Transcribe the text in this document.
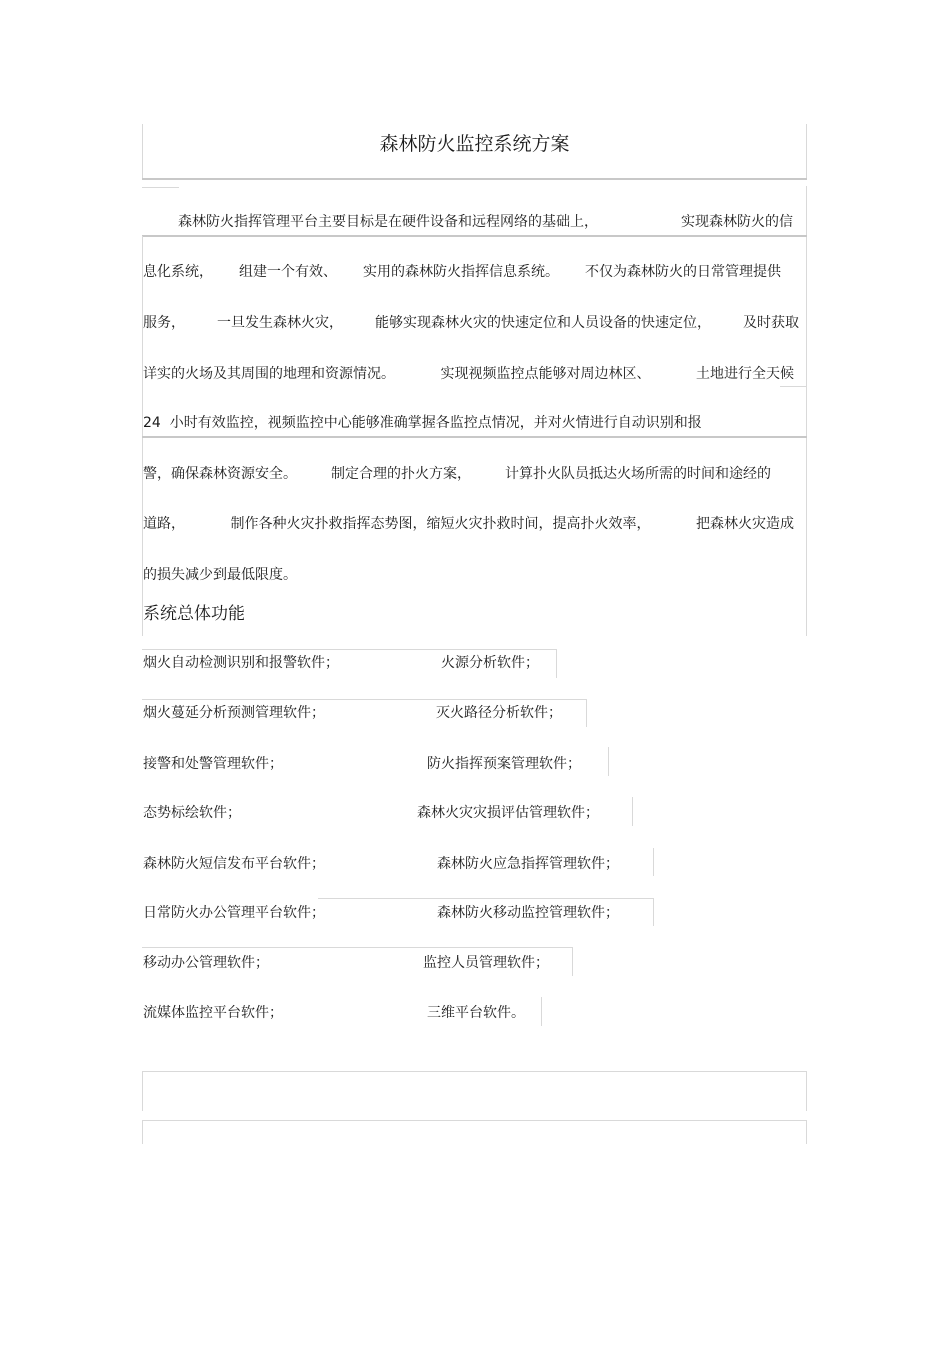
森林防火监控系统方案
森林防火指挥管理平台主要目标是在硬件设备和远程网络的基础上，	实现森林防火的信
息化系统， 组建一个有效、 实用的森林防火指挥信息系统。 不仅为森林防火的日常管理提供
服务， 一旦发生森林火灾， 能够实现森林火灾的快速定位和人员设备的快速定位， 及时获取
详实的火场及其周围的地理和资源情况。	实现视频监控点能够对周边林区、	土地进行全天候
24  小时有效监控，视频监控中心能够准确掌握各监控点情况，并对火情进行自动识别和报
警，确保森林资源安全。 制定合理的扑火方案， 计算扑火队员抵达火场所需的时间和途经的
道路，	制作各种火灾扑救指挥态势图，缩短火灾扑救时间，提高扑火效率，	把森林火灾造成
的损失减少到最低限度。
系统总体功能
烟火自动检测识别和报警软件；	火源分析软件；
烟火蔓延分析预测管理软件；	灭火路径分析软件；
接警和处警管理软件；	防火指挥预案管理软件；
态势标绘软件；	森林火灾灾损评估管理软件；
森林防火短信发布平台软件；	森林防火应急指挥管理软件；
日常防火办公管理平台软件；	森林防火移动监控管理软件；
移动办公管理软件；	监控人员管理软件；
流媒体监控平台软件；	三维平台软件。
